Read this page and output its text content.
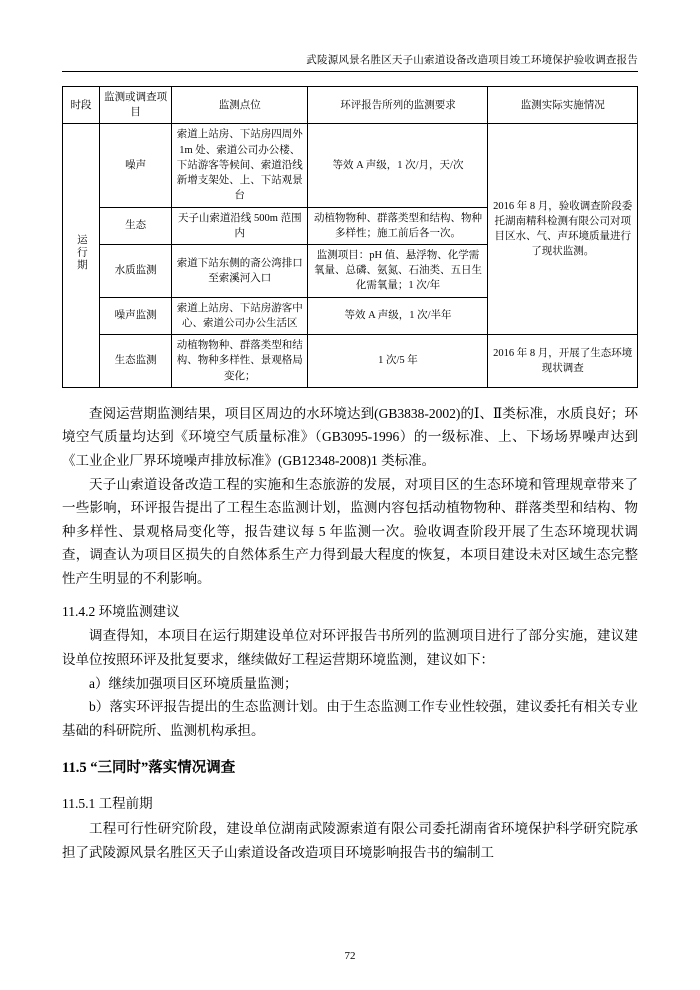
武陵源风景名胜区天子山索道设备改造项目竣工环境保护验收调查报告
时段	监测或调查项目	监测点位	环评报告所列的监测要求	监测实际实施情况
运行期	噪声	索道上站房、下站房四周外 1m 处、索道公司办公楼、下站游客等候间、索道沿线新增支架处、上、下站观景台	等效 A 声级，1 次/月，天/次	2016 年 8 月，验收调查阶段委托湖南精科检测有限公司对项目区水、气、声环境质量进行了现状监测。
	生态	天子山索道沿线 500m 范围内	动植物物种、群落类型和结构、物种多样性；施工前后各一次。	
	水质监测	索道下站东侧的斋公湾排口至索溪河入口	监测项目：pH 值、悬浮物、化学需氧量、总磷、氨氮、石油类、五日生化需氧量；1 次/年	
	噪声监测	索道上站房、下站房游客中心、索道公司办公生活区	等效 A 声级，1 次/半年	
	生态监测	动植物物种、群落类型和结构、物种多样性、景观格局变化；	1 次/5 年	2016 年 8 月，开展了生态环境现状调查

查阅运营期监测结果，项目区周边的水环境达到(GB3838-2002)的Ⅰ、Ⅱ类标准，水质良好；环境空气质量均达到《环境空气质量标准》（GB3095-1996）的一级标准、上、下场场界噪声达到《工业企业厂界环境噪声排放标准》(GB12348-2008)1 类标准。

天子山索道设备改造工程的实施和生态旅游的发展，对项目区的生态环境和管理规章带来了一些影响，环评报告提出了工程生态监测计划，监测内容包括动植物物种、群落类型和结构、物种多样性、景观格局变化等，报告建议每 5 年监测一次。验收调查阶段开展了生态环境现状调查，调查认为项目区损失的自然体系生产力得到最大程度的恢复，本项目建设未对区域生态完整性产生明显的不利影响。

11.4.2 环境监测建议

调查得知，本项目在运行期建设单位对环评报告书所列的监测项目进行了部分实施，建议建设单位按照环评及批复要求，继续做好工程运营期环境监测，建议如下：

a）继续加强项目区环境质量监测；

b）落实环评报告提出的生态监测计划。由于生态监测工作专业性较强，建议委托有相关专业基础的科研院所、监测机构承担。

11.5 “三同时”落实情况调查

11.5.1 工程前期

工程可行性研究阶段，建设单位湖南武陵源索道有限公司委托湖南省环境保护科学研究院承担了武陵源风景名胜区天子山索道设备改造项目环境影响报告书的编制工

72
